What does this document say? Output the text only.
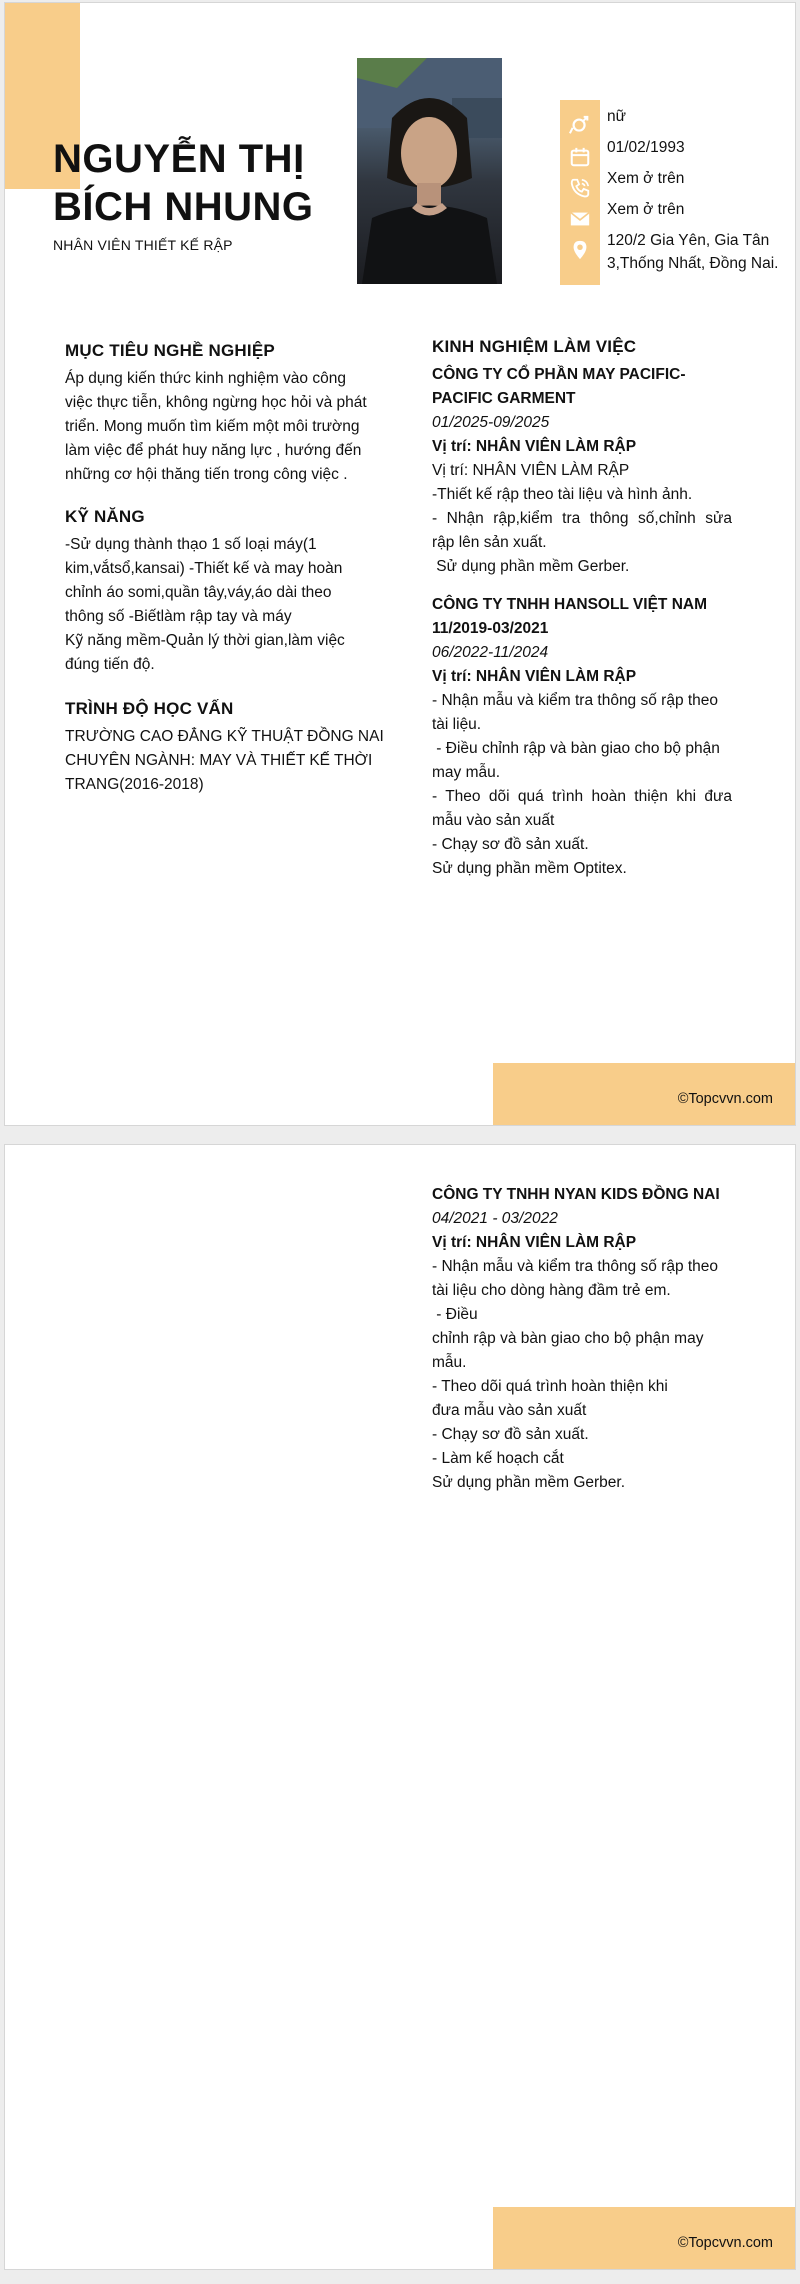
NGUYỄN THỊ
BÍCH NHUNG
NHÂN VIÊN THIẾT KẾ RẬP
nữ
01/02/1993
Xem ở trên
Xem ở trên
120/2 Gia Yên, Gia Tân
3,Thống Nhất, Đồng Nai.
MỤC TIÊU NGHỀ NGHIỆP

Áp dụng kiến thức kinh nghiệm vào công
việc thực tiễn, không ngừng học hỏi và phát
triển. Mong muốn tìm kiếm một môi trường
làm việc để phát huy năng lực , hướng đến
những cơ hội thăng tiến trong công việc .

KỸ NĂNG

-Sử dụng thành thạo 1 số loại máy(1
kim,vắtsổ,kansai) -Thiết kế và may hoàn
chỉnh áo somi,quần tây,váy,áo dài theo
thông số -Biếtlàm rập tay và máy
Kỹ năng mềm-Quản lý thời gian,làm việc
đúng tiến độ.

TRÌNH ĐỘ HỌC VẤN

TRƯỜNG CAO ĐẲNG KỸ THUẬT ĐỒNG NAI
CHUYÊN NGÀNH: MAY VÀ THIẾT KẾ THỜI
TRANG(2016-2018)

KINH NGHIỆM LÀM VIỆC
CÔNG TY CỔ PHẦN MAY PACIFIC-
PACIFIC GARMENT
01/2025-09/2025
Vị trí: NHÂN VIÊN LÀM RẬP
Vị trí: NHÂN VIÊN LÀM RẬP
-Thiết kế rập theo tài liệu và hình ảnh.
- Nhận rập,kiểm tra thông số,chỉnh sửa
rập lên sản xuất.
Sử dụng phần mềm Gerber.
CÔNG TY TNHH HANSOLL VIỆT NAM
11/2019-03/2021
06/2022-11/2024
Vị trí: NHÂN VIÊN LÀM RẬP
- Nhận mẫu và kiểm tra thông số rập theo
tài liệu.
- Điều chỉnh rập và bàn giao cho bộ phận
may mẫu.
- Theo dõi quá trình hoàn thiện khi đưa
mẫu vào sản xuất
- Chạy sơ đồ sản xuất.
Sử dụng phần mềm Optitex.
©Topcvvn.com
CÔNG TY TNHH NYAN KIDS ĐỒNG NAI
04/2021 - 03/2022
Vị trí: NHÂN VIÊN LÀM RẬP
- Nhận mẫu và kiểm tra thông số rập theo
tài liệu cho dòng hàng đầm trẻ em.
- Điều
chỉnh rập và bàn giao cho bộ phận may
mẫu.
- Theo dõi quá trình hoàn thiện khi
đưa mẫu vào sản xuất
- Chạy sơ đồ sản xuất.
- Làm kế hoạch cắt
Sử dụng phần mềm Gerber.
©Topcvvn.com
